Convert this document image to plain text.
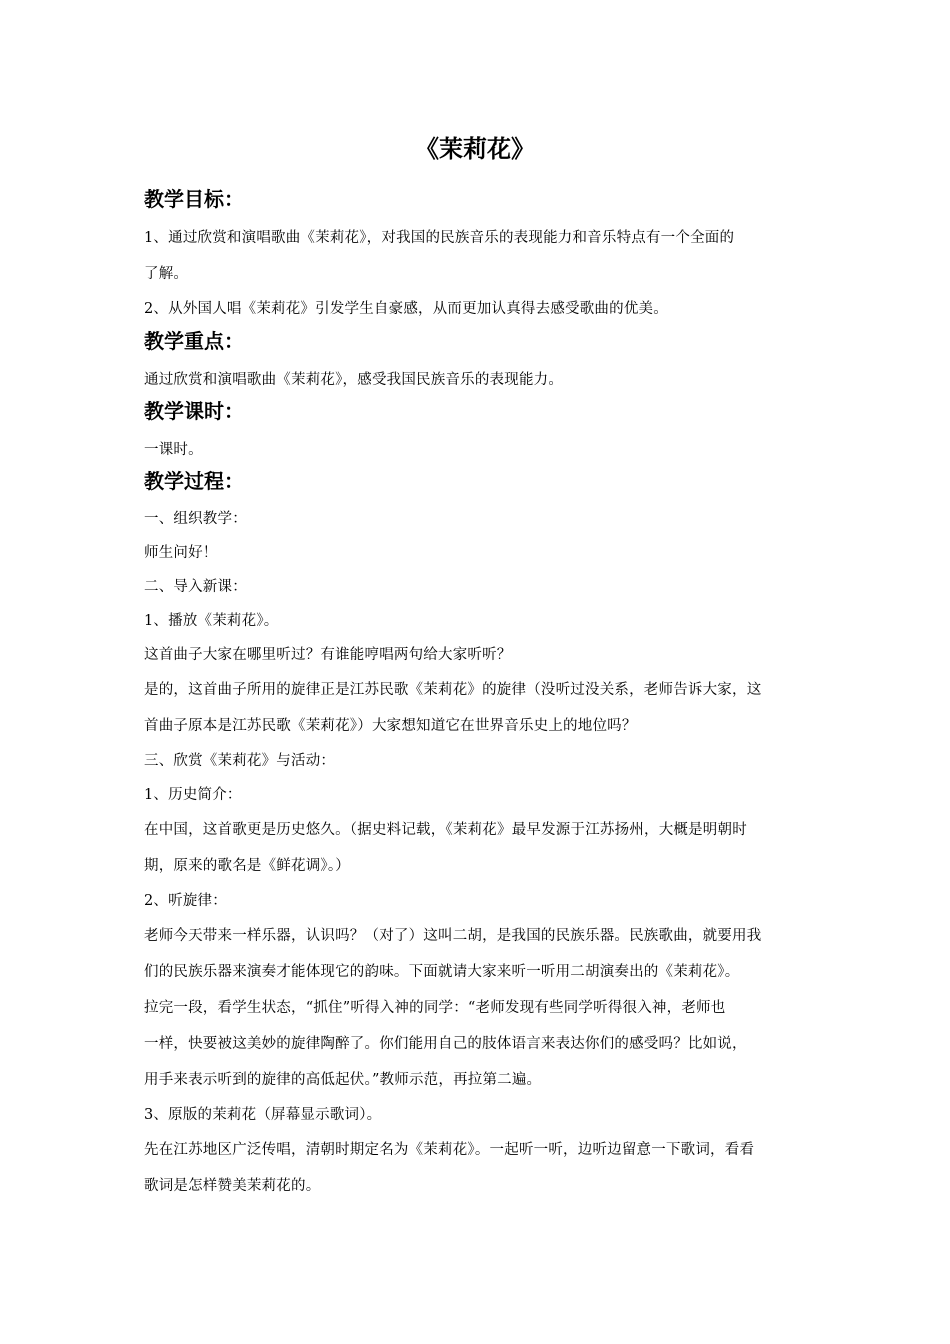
《茉莉花》
教学目标：
1、通过欣赏和演唱歌曲《茉莉花》，对我国的民族音乐的表现能力和音乐特点有一个全面的
了解。
2、从外国人唱《茉莉花》引发学生自豪感，从而更加认真得去感受歌曲的优美。
教学重点：
通过欣赏和演唱歌曲《茉莉花》，感受我国民族音乐的表现能力。
教学课时：
一课时。
教学过程：
一、组织教学：
师生问好！
二、导入新课：
1、播放《茉莉花》。
这首曲子大家在哪里听过？有谁能哼唱两句给大家听听？
是的，这首曲子所用的旋律正是江苏民歌《茉莉花》的旋律（没听过没关系，老师告诉大家，这
首曲子原本是江苏民歌《茉莉花》）大家想知道它在世界音乐史上的地位吗？
三、欣赏《茉莉花》与活动：
1、历史简介：
在中国，这首歌更是历史悠久。（据史料记载，《茉莉花》最早发源于江苏扬州，大概是明朝时
期，原来的歌名是《鲜花调》。）
2、听旋律：
老师今天带来一样乐器，认识吗？（对了）这叫二胡，是我国的民族乐器。民族歌曲，就要用我
们的民族乐器来演奏才能体现它的韵味。下面就请大家来听一听用二胡演奏出的《茉莉花》。
拉完一段，看学生状态，“抓住”听得入神的同学：“老师发现有些同学听得很入神，老师也
一样，快要被这美妙的旋律陶醉了。你们能用自己的肢体语言来表达你们的感受吗？比如说，
用手来表示听到的旋律的高低起伏。”教师示范，再拉第二遍。
3、原版的茉莉花（屏幕显示歌词）。
先在江苏地区广泛传唱，清朝时期定名为《茉莉花》。一起听一听，边听边留意一下歌词，看看
歌词是怎样赞美茉莉花的。
